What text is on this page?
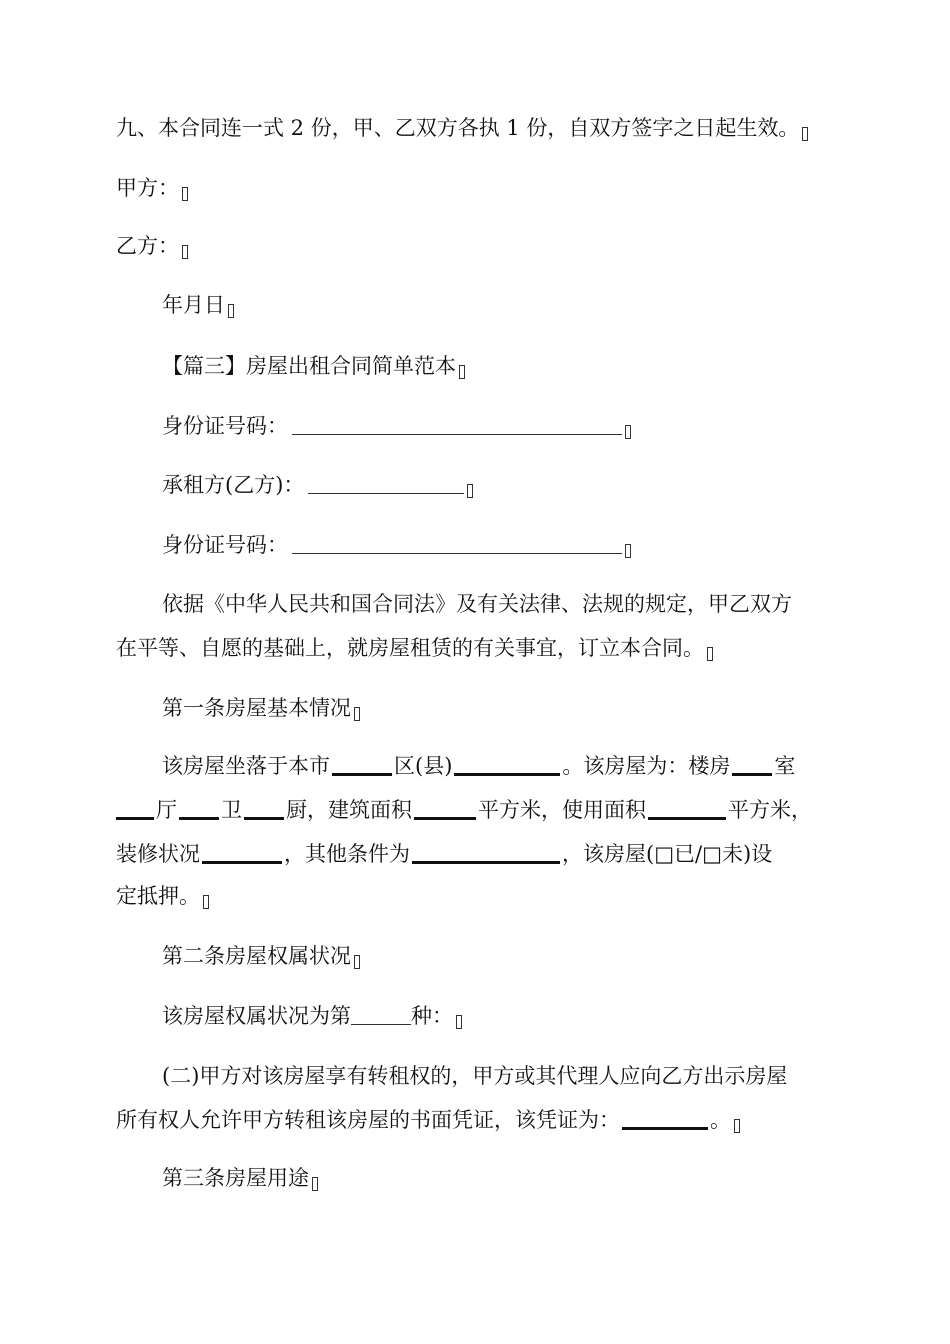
九、本合同连一式 2 份，甲、乙双方各执 1 份，自双方签字之日起生效。
甲方：
乙方：
年月日
【篇三】房屋出租合同简单范本
身份证号码：
承租方(乙方)：
身份证号码：
依据《中华人民共和国合同法》及有关法律、法规的规定，甲乙双方
在平等、自愿的基础上，就房屋租赁的有关事宜，订立本合同。
第一条房屋基本情况
该房屋坐落于本市	区(县)	。该房屋为：楼房 室
厅 卫 厨，建筑面积	平方米，使用面积	平方米，
装修状况	，其他条件为	，该房屋(□已/□未)设
定抵押。
第二条房屋权属状况
该房屋权属状况为第	种：
(二)甲方对该房屋享有转租权的，甲方或其代理人应向乙方出示房屋
所有权人允许甲方转租该房屋的书面凭证，该凭证为：	。
第三条房屋用途
